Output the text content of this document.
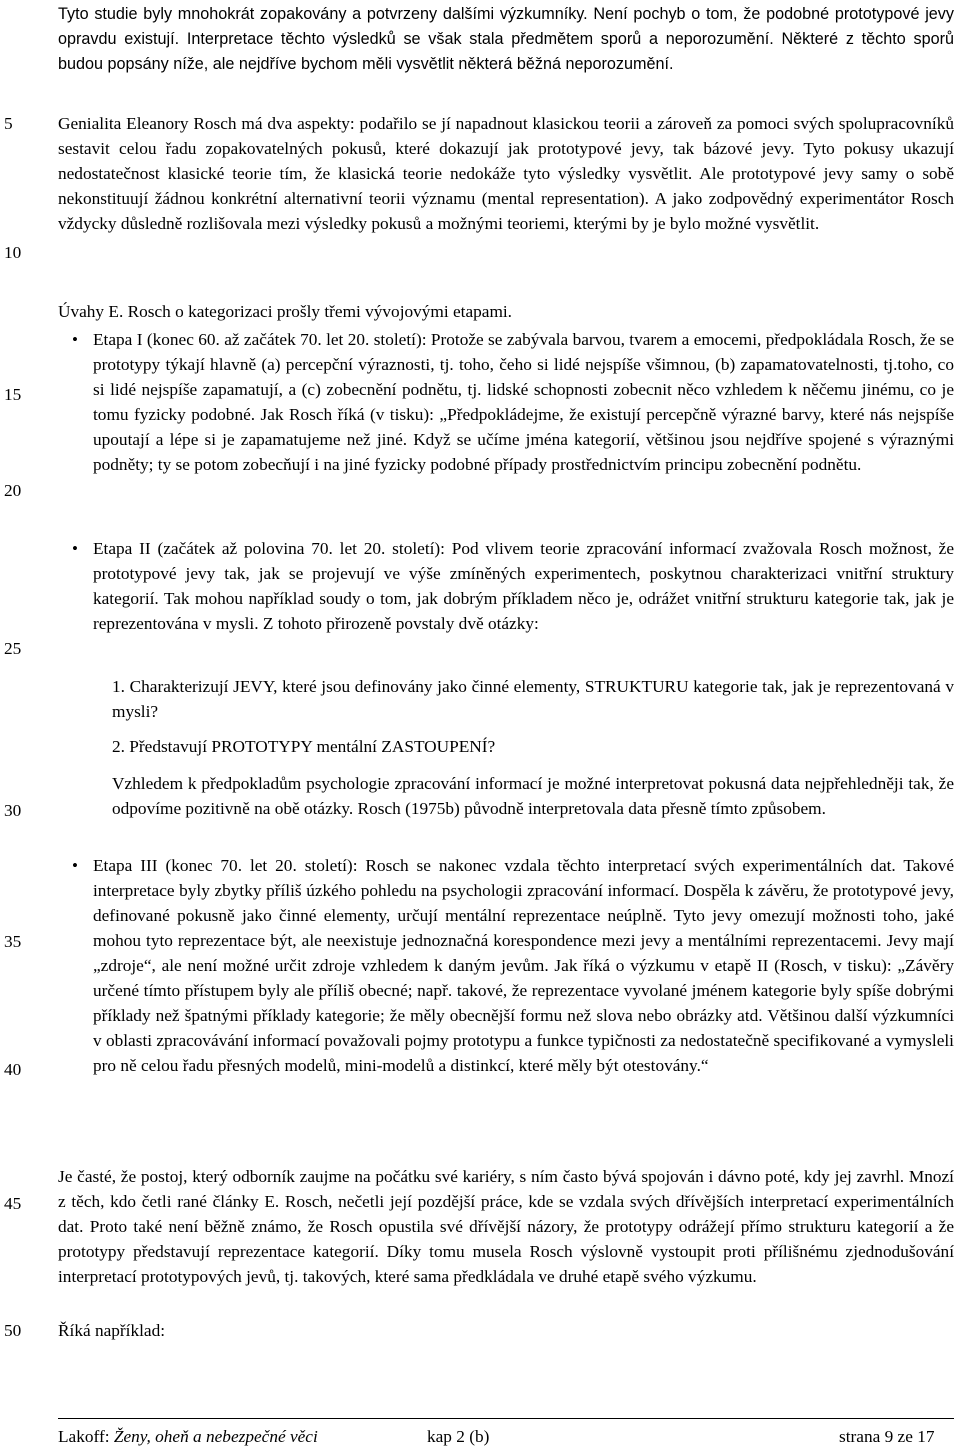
Tyto studie byly mnohokrát zopakovány a potvrzeny dalšími výzkumníky. Není pochyb o tom, že podobné prototypové jevy opravdu existují. Interpretace těchto výsledků se však stala předmětem sporů a neporozumění. Některé z těchto sporů budou popsány níže, ale nejdříve bychom měli vysvětlit některá běžná neporozumění.

Genialita Eleanory Rosch má dva aspekty: podařilo se jí napadnout klasickou teorii a zároveň za pomoci svých spolupracovníků sestavit celou řadu zopakovatelných pokusů, které dokazují jak prototypové jevy, tak bázové jevy. Tyto pokusy ukazují nedostatečnost klasické teorie tím, že klasická teorie nedokáže tyto výsledky vysvětlit. Ale prototypové jevy samy o sobě nekonstituují žádnou konkrétní alternativní teorii významu (mental representation). A jako zodpovědný experimentátor Rosch vždycky důsledně rozlišovala mezi výsledky pokusů a možnými teoriemi, kterými by je bylo možné vysvětlit.

Úvahy E. Rosch o kategorizaci prošly třemi vývojovými etapami.

• Etapa I (konec 60. až začátek 70. let 20. století): Protože se zabývala barvou, tvarem a emocemi, předpokládala Rosch, že se prototypy týkají hlavně (a) percepční výraznosti, tj. toho, čeho si lidé nejspíše všimnou, (b) zapamatovatelnosti, tj.toho, co si lidé nejspíše zapamatují, a (c) zobecnění podnětu, tj. lidské schopnosti zobecnit něco vzhledem k něčemu jinému, co je tomu fyzicky podobné. Jak Rosch říká (v tisku): „Předpokládejme, že existují percepčně výrazné barvy, které nás nejspíše upoutají a lépe si je zapamatujeme než jiné. Když se učíme jména kategorií, většinou jsou nejdříve spojené s výraznými podněty; ty se potom zobecňují i na jiné fyzicky podobné případy prostřednictvím principu zobecnění podnětu.
• Etapa II (začátek až polovina 70. let 20. století): Pod vlivem teorie zpracování informací zvažovala Rosch možnost, že prototypové jevy tak, jak se projevují ve výše zmíněných experimentech, poskytnou charakterizaci vnitřní struktury kategorií. Tak mohou například soudy o tom, jak dobrým příkladem něco je, odrážet vnitřní strukturu kategorie tak, jak je reprezentována v mysli. Z tohoto přirozeně povstaly dvě otázky:

1. Charakterizují JEVY, které jsou definovány jako činné elementy, STRUKTURU kategorie tak, jak je reprezentovaná v mysli?

2. Představují PROTOTYPY mentální ZASTOUPENÍ?

Vzhledem k předpokladům psychologie zpracování informací je možné interpretovat pokusná data nejpřehledněji tak, že odpovíme pozitivně na obě otázky. Rosch (1975b) původně interpretovala data přesně tímto způsobem.

• Etapa III (konec 70. let 20. století): Rosch se nakonec vzdala těchto interpretací svých experimentálních dat. Takové interpretace byly zbytky příliš úzkého pohledu na psychologii zpracování informací. Dospěla k závěru, že prototypové jevy, definované pokusně jako činné elementy, určují mentální reprezentace neúplně. Tyto jevy omezují možnosti toho, jaké mohou tyto reprezentace být, ale neexistuje jednoznačná korespondence mezi jevy a mentálními reprezentacemi. Jevy mají „zdroje“, ale není možné určit zdroje vzhledem k daným jevům. Jak říká o výzkumu v etapě II (Rosch, v tisku): „Závěry určené tímto přístupem byly ale příliš obecné; např. takové, že reprezentace vyvolané jménem kategorie byly spíše dobrými příklady než špatnými příklady kategorie; že měly obecnější formu než slova nebo obrázky atd. Většinou další výzkumníci v oblasti zpracovávání informací považovali pojmy prototypu a funkce typičnosti za nedostatečně specifikované a vymysleli pro ně celou řadu přesných modelů, mini-modelů a distinkcí, které měly být otestovány.“

Je časté, že postoj, který odborník zaujme na počátku své kariéry, s ním často bývá spojován i dávno poté, kdy jej zavrhl. Mnozí z těch, kdo četli rané články E. Rosch, nečetli její pozdější práce, kde se vzdala svých dřívějších interpretací experimentálních dat. Proto také není běžně známo, že Rosch opustila své dřívější názory, že prototypy odrážejí přímo strukturu kategorií a že prototypy představují reprezentace kategorií. Díky tomu musela Rosch výslovně vystoupit proti přílišnému zjednodušování interpretací prototypových jevů, tj. takových, které sama předkládala ve druhé etapě svého výzkumu.

Říká například:

5
10
15
20
25
30
35
40
45
50
Lakoff: Ženy, oheň a nebezpečné věci	kap 2 (b)	strana 9 ze 17
